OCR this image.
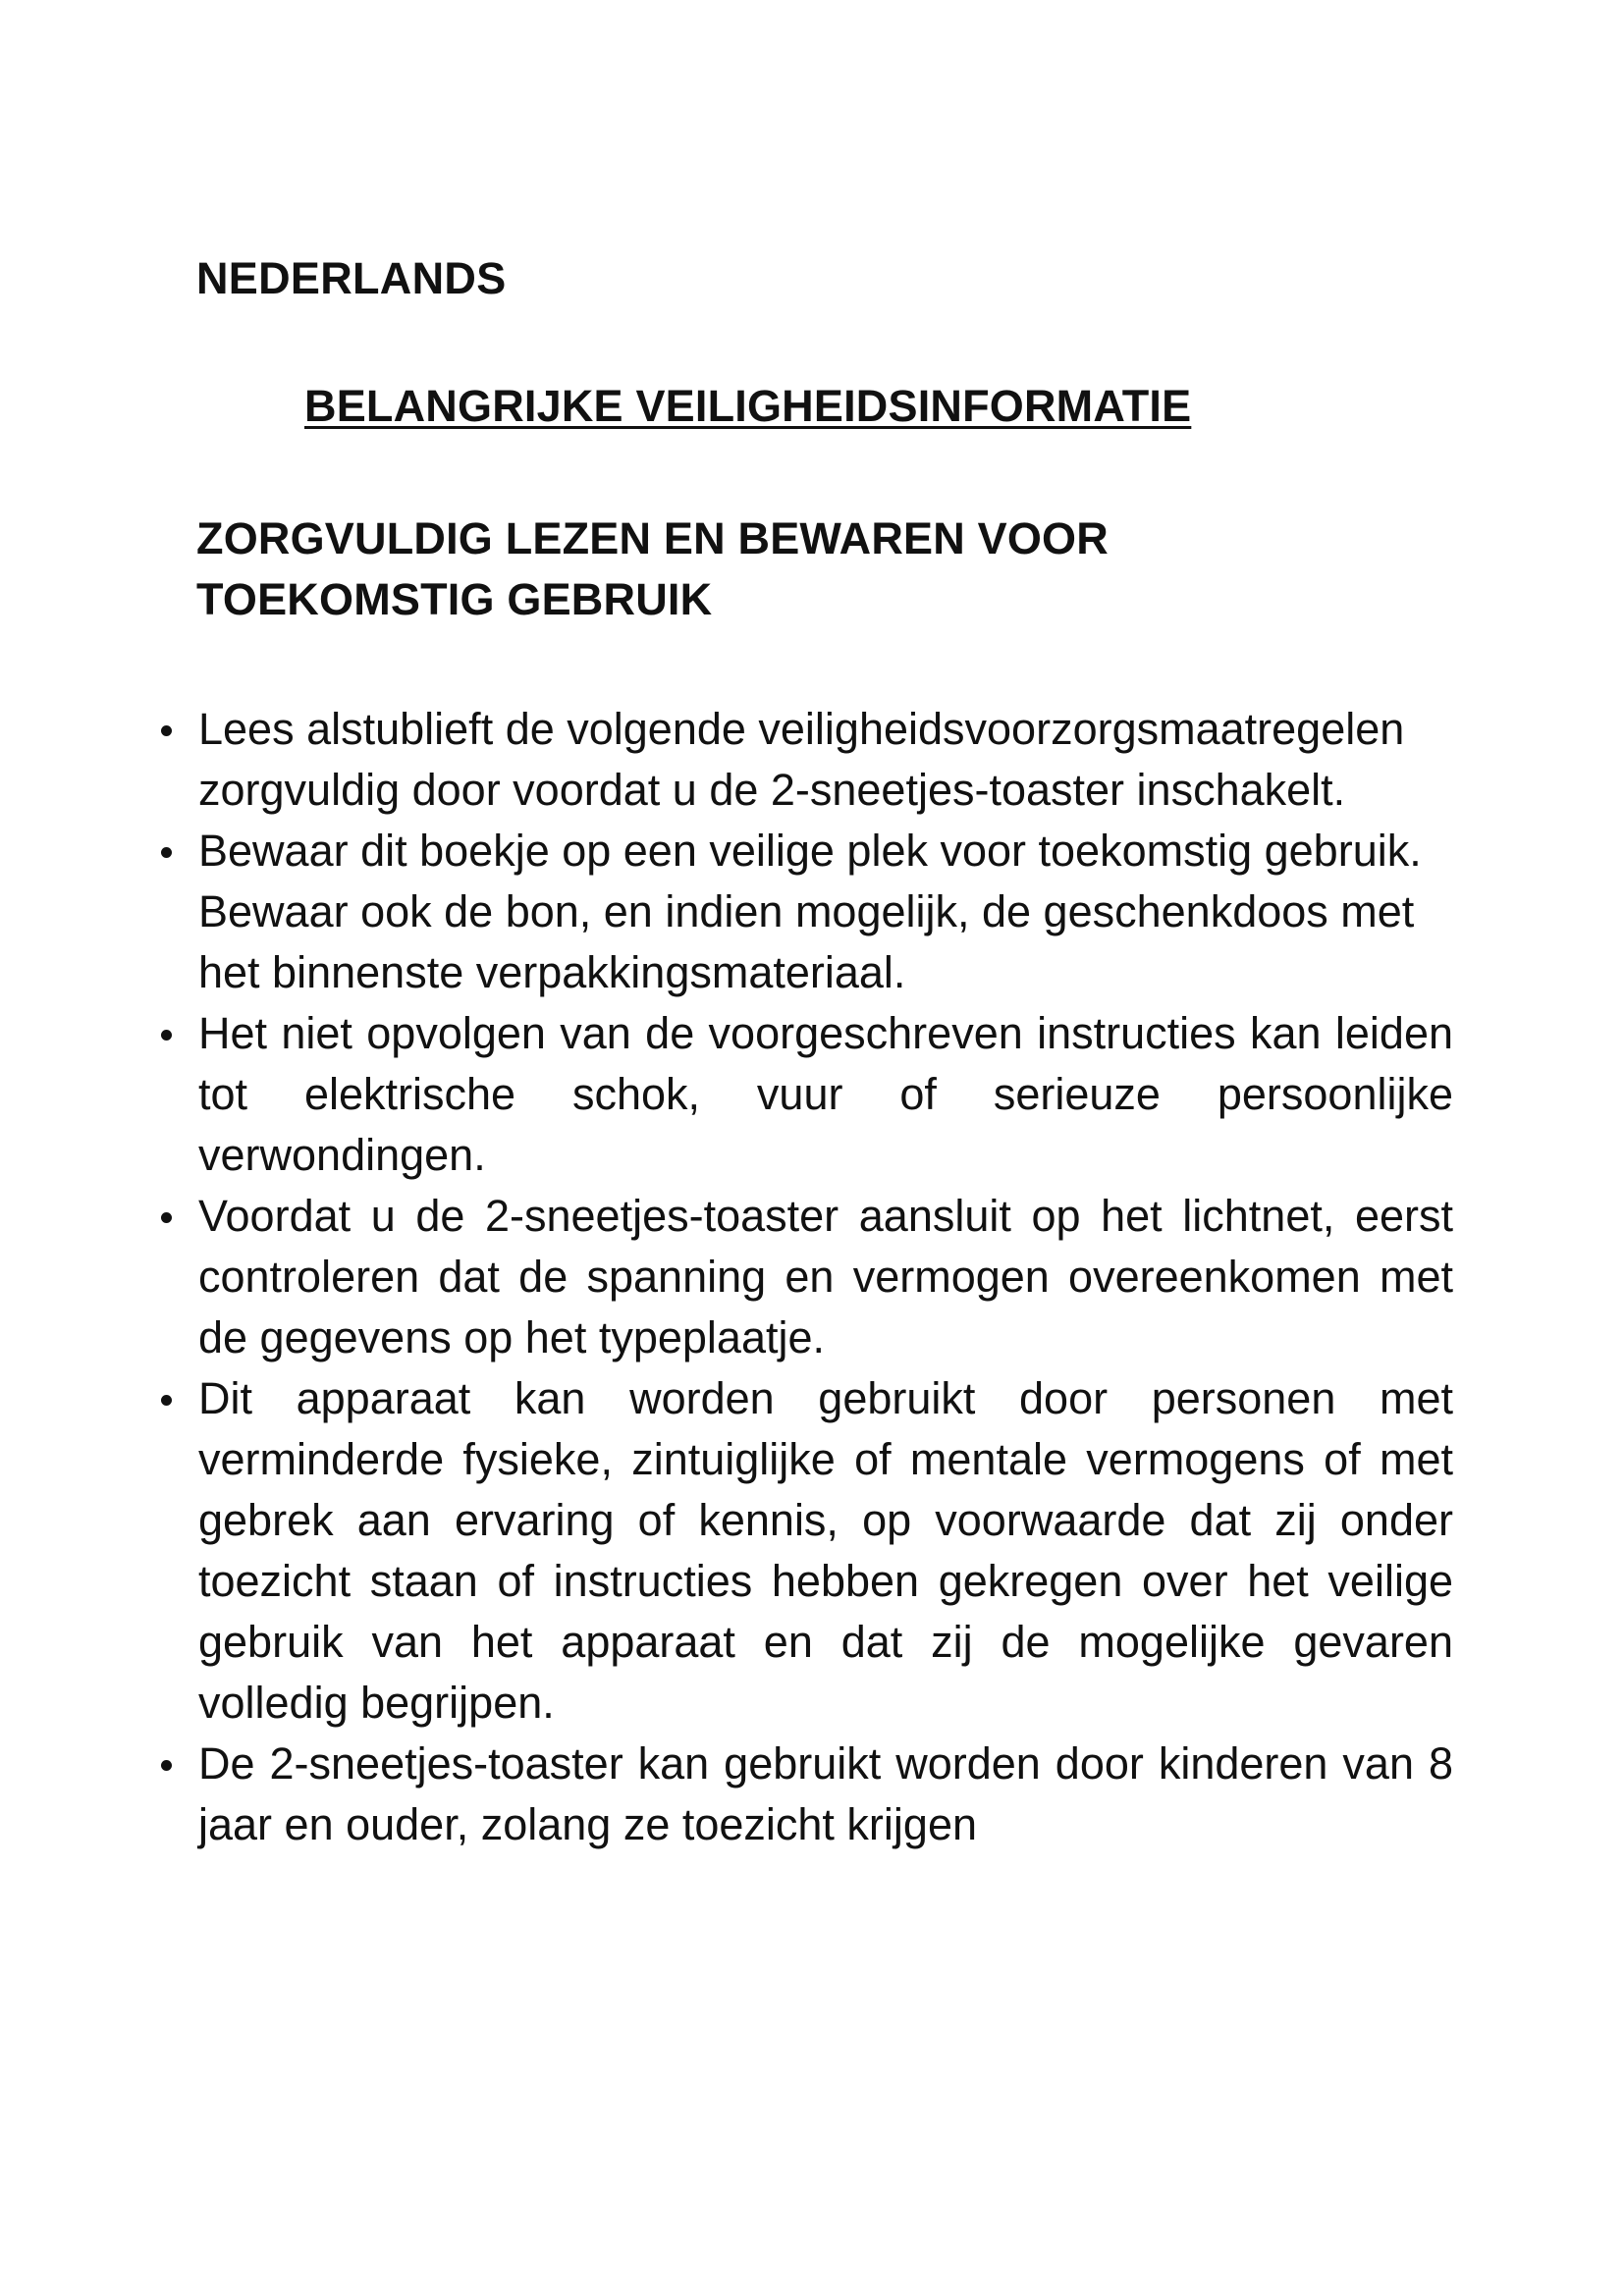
NEDERLANDS
BELANGRIJKE VEILIGHEIDSINFORMATIE
ZORGVULDIG LEZEN EN BEWAREN VOOR
TOEKOMSTIG GEBRUIK
Lees alstublieft de volgende veiligheidsvoorzorgsmaatregelen zorgvuldig door voordat u de 2-sneetjes-toaster inschakelt.
Bewaar dit boekje op een veilige plek voor toekomstig gebruik. Bewaar ook de bon, en indien mogelijk, de geschenkdoos met het binnenste verpakkingsmateriaal.
Het niet opvolgen van de voorgeschreven instructies kan leiden tot elektrische schok, vuur of serieuze persoonlijke verwondingen.
Voordat u de 2-sneetjes-toaster aansluit op het lichtnet, eerst controleren dat de spanning en vermogen overeenkomen met de gegevens op het typeplaatje.
Dit apparaat kan worden gebruikt door personen met verminderde fysieke, zintuiglijke of mentale vermogens of met gebrek aan ervaring of kennis, op voorwaarde dat zij onder toezicht staan of instructies hebben gekregen over het veilige gebruik van het apparaat en dat zij de mogelijke gevaren volledig begrijpen.
De 2-sneetjes-toaster kan gebruikt worden door kinderen van 8 jaar en ouder, zolang ze toezicht krijgen
